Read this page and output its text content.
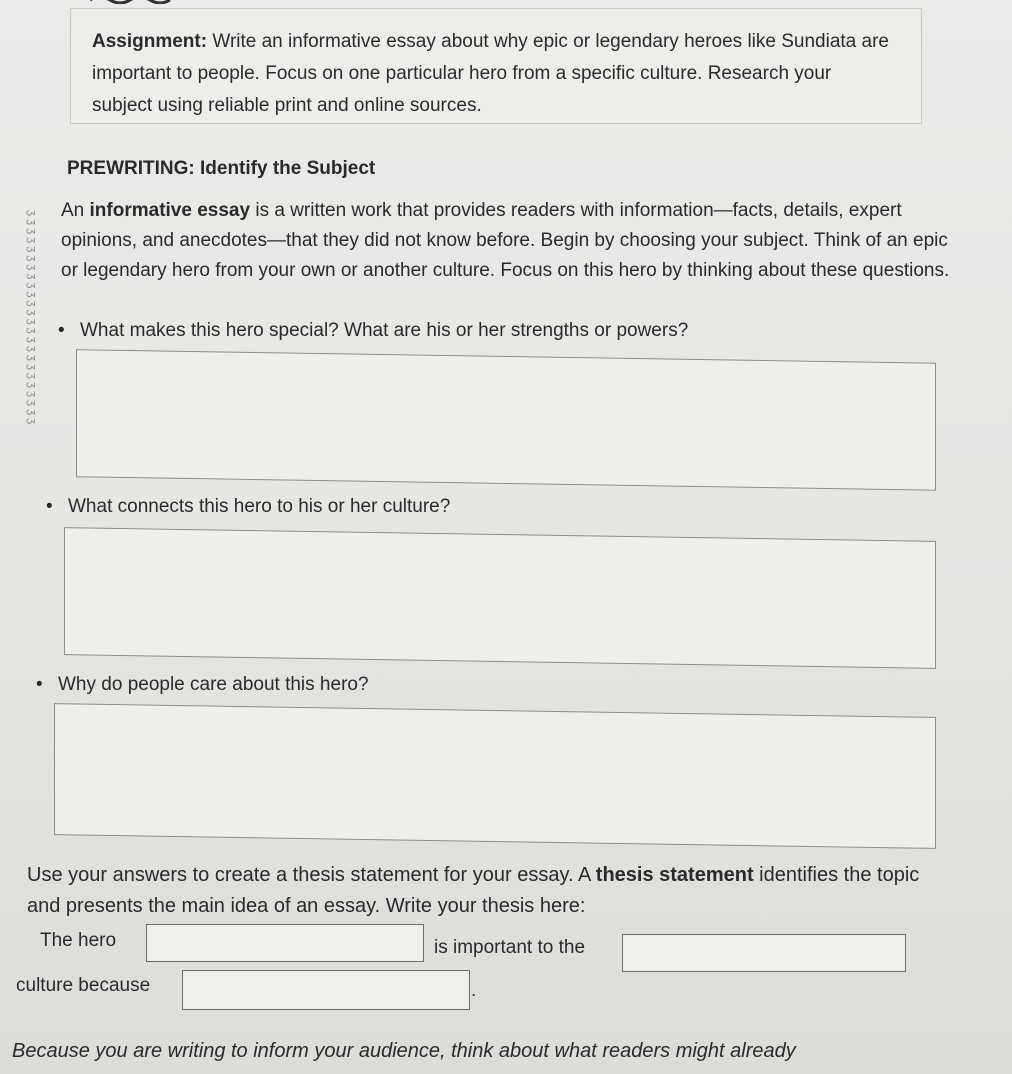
Assignment: Write an informative essay about why epic or legendary heroes like Sundiata are important to people. Focus on one particular hero from a specific culture. Research your subject using reliable print and online sources.
PREWRITING: Identify the Subject
An informative essay is a written work that provides readers with information—facts, details, expert opinions, and anecdotes—that they did not know before. Begin by choosing your subject. Think of an epic or legendary hero from your own or another culture. Focus on this hero by thinking about these questions.
ʒ ʒ ʒ ʒ ʒ ʒ ʒ ʒ ʒ ʒ ʒ ʒ ʒ ʒ ʒ ʒ ʒ ʒ ʒ ʒ ʒ ʒ ʒ ʒ • What makes this hero special? What are his or her strengths or powers?
• What connects this hero to his or her culture?
• Why do people care about this hero?
Use your answers to create a thesis statement for your essay. A thesis statement identifies the topic and presents the main idea of an essay. Write your thesis here:
The hero	is important to the
culture because	.
Because you are writing to inform your audience, think about what readers might already
